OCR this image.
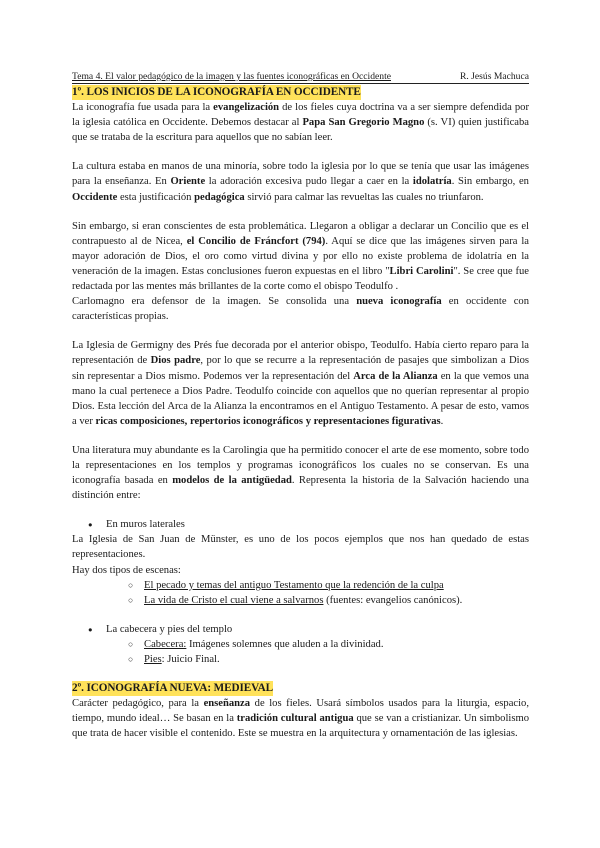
Tema 4. El valor pedagógico de la imagen y las fuentes iconográficas en Occidente	R. Jesús Machuca
1º. LOS INICIOS DE LA ICONOGRAFÍA EN OCCIDENTE

La iconografía fue usada para la evangelización de los fieles cuya doctrina va a ser siempre defendida por la iglesia católica en Occidente. Debemos destacar al Papa San Gregorio Magno (s. VI) quien justificaba que se trataba de la escritura para aquellos que no sabían leer.

La cultura estaba en manos de una minoría, sobre todo la iglesia por lo que se tenía que usar las imágenes para la enseñanza. En Oriente la adoración excesiva pudo llegar a caer en la idolatría. Sin embargo, en Occidente esta justificación pedagógica sirvió para calmar las revueltas las cuales no triunfaron.

Sin embargo, si eran conscientes de esta problemática. Llegaron a obligar a declarar un Concilio que es el contrapuesto al de Nicea, el Concilio de Fráncfort (794). Aquí se dice que las imágenes sirven para la mayor adoración de Dios, el oro como virtud divina y por ello no existe problema de idolatría en la veneración de la imagen. Estas conclusiones fueron expuestas en el libro "Libri Carolini". Se cree que fue redactada por las mentes más brillantes de la corte como el obispo Teodulfo .

Carlomagno era defensor de la imagen. Se consolida una nueva iconografía en occidente con características propias.

La Iglesia de Germigny des Prés fue decorada por el anterior obispo, Teodulfo. Había cierto reparo para la representación de Dios padre, por lo que se recurre a la representación de pasajes que simbolizan a Dios sin representar a Dios mismo. Podemos ver la representación del Arca de la Alianza en la que vemos una mano la cual pertenece a Dios Padre. Teodulfo coincide con aquellos que no querían representar al propio Dios. Esta lección del Arca de la Alianza la encontramos en el Antiguo Testamento. A pesar de esto, vamos a ver ricas composiciones, repertorios iconográficos y representaciones figurativas.

Una literatura muy abundante es la Carolingia que ha permitido conocer el arte de ese momento, sobre todo la representaciones en los templos y programas iconográficos los cuales no se conservan. Es una iconografía basada en modelos de la antigüedad. Representa la historia de la Salvación haciendo una distinción entre:

● En muros laterales

La Iglesia de San Juan de Münster, es uno de los pocos ejemplos que nos han quedado de estas representaciones.

Hay dos tipos de escenas:

○ El pecado y temas del antiguo Testamento que la redención de la culpa
○ La vida de Cristo el cual viene a salvarnos (fuentes: evangelios canónicos).
● La cabecera y pies del templo
○ Cabecera: Imágenes solemnes que aluden a la divinidad.
○ Pies: Juicio Final.
2º. ICONOGRAFÍA NUEVA: MEDIEVAL

Carácter pedagógico, para la enseñanza de los fieles. Usará símbolos usados para la liturgia, espacio, tiempo, mundo ideal… Se basan en la tradición cultural antigua que se van a cristianizar. Un simbolismo que trata de hacer visible el contenido. Este se muestra en la arquitectura y ornamentación de las iglesias.
